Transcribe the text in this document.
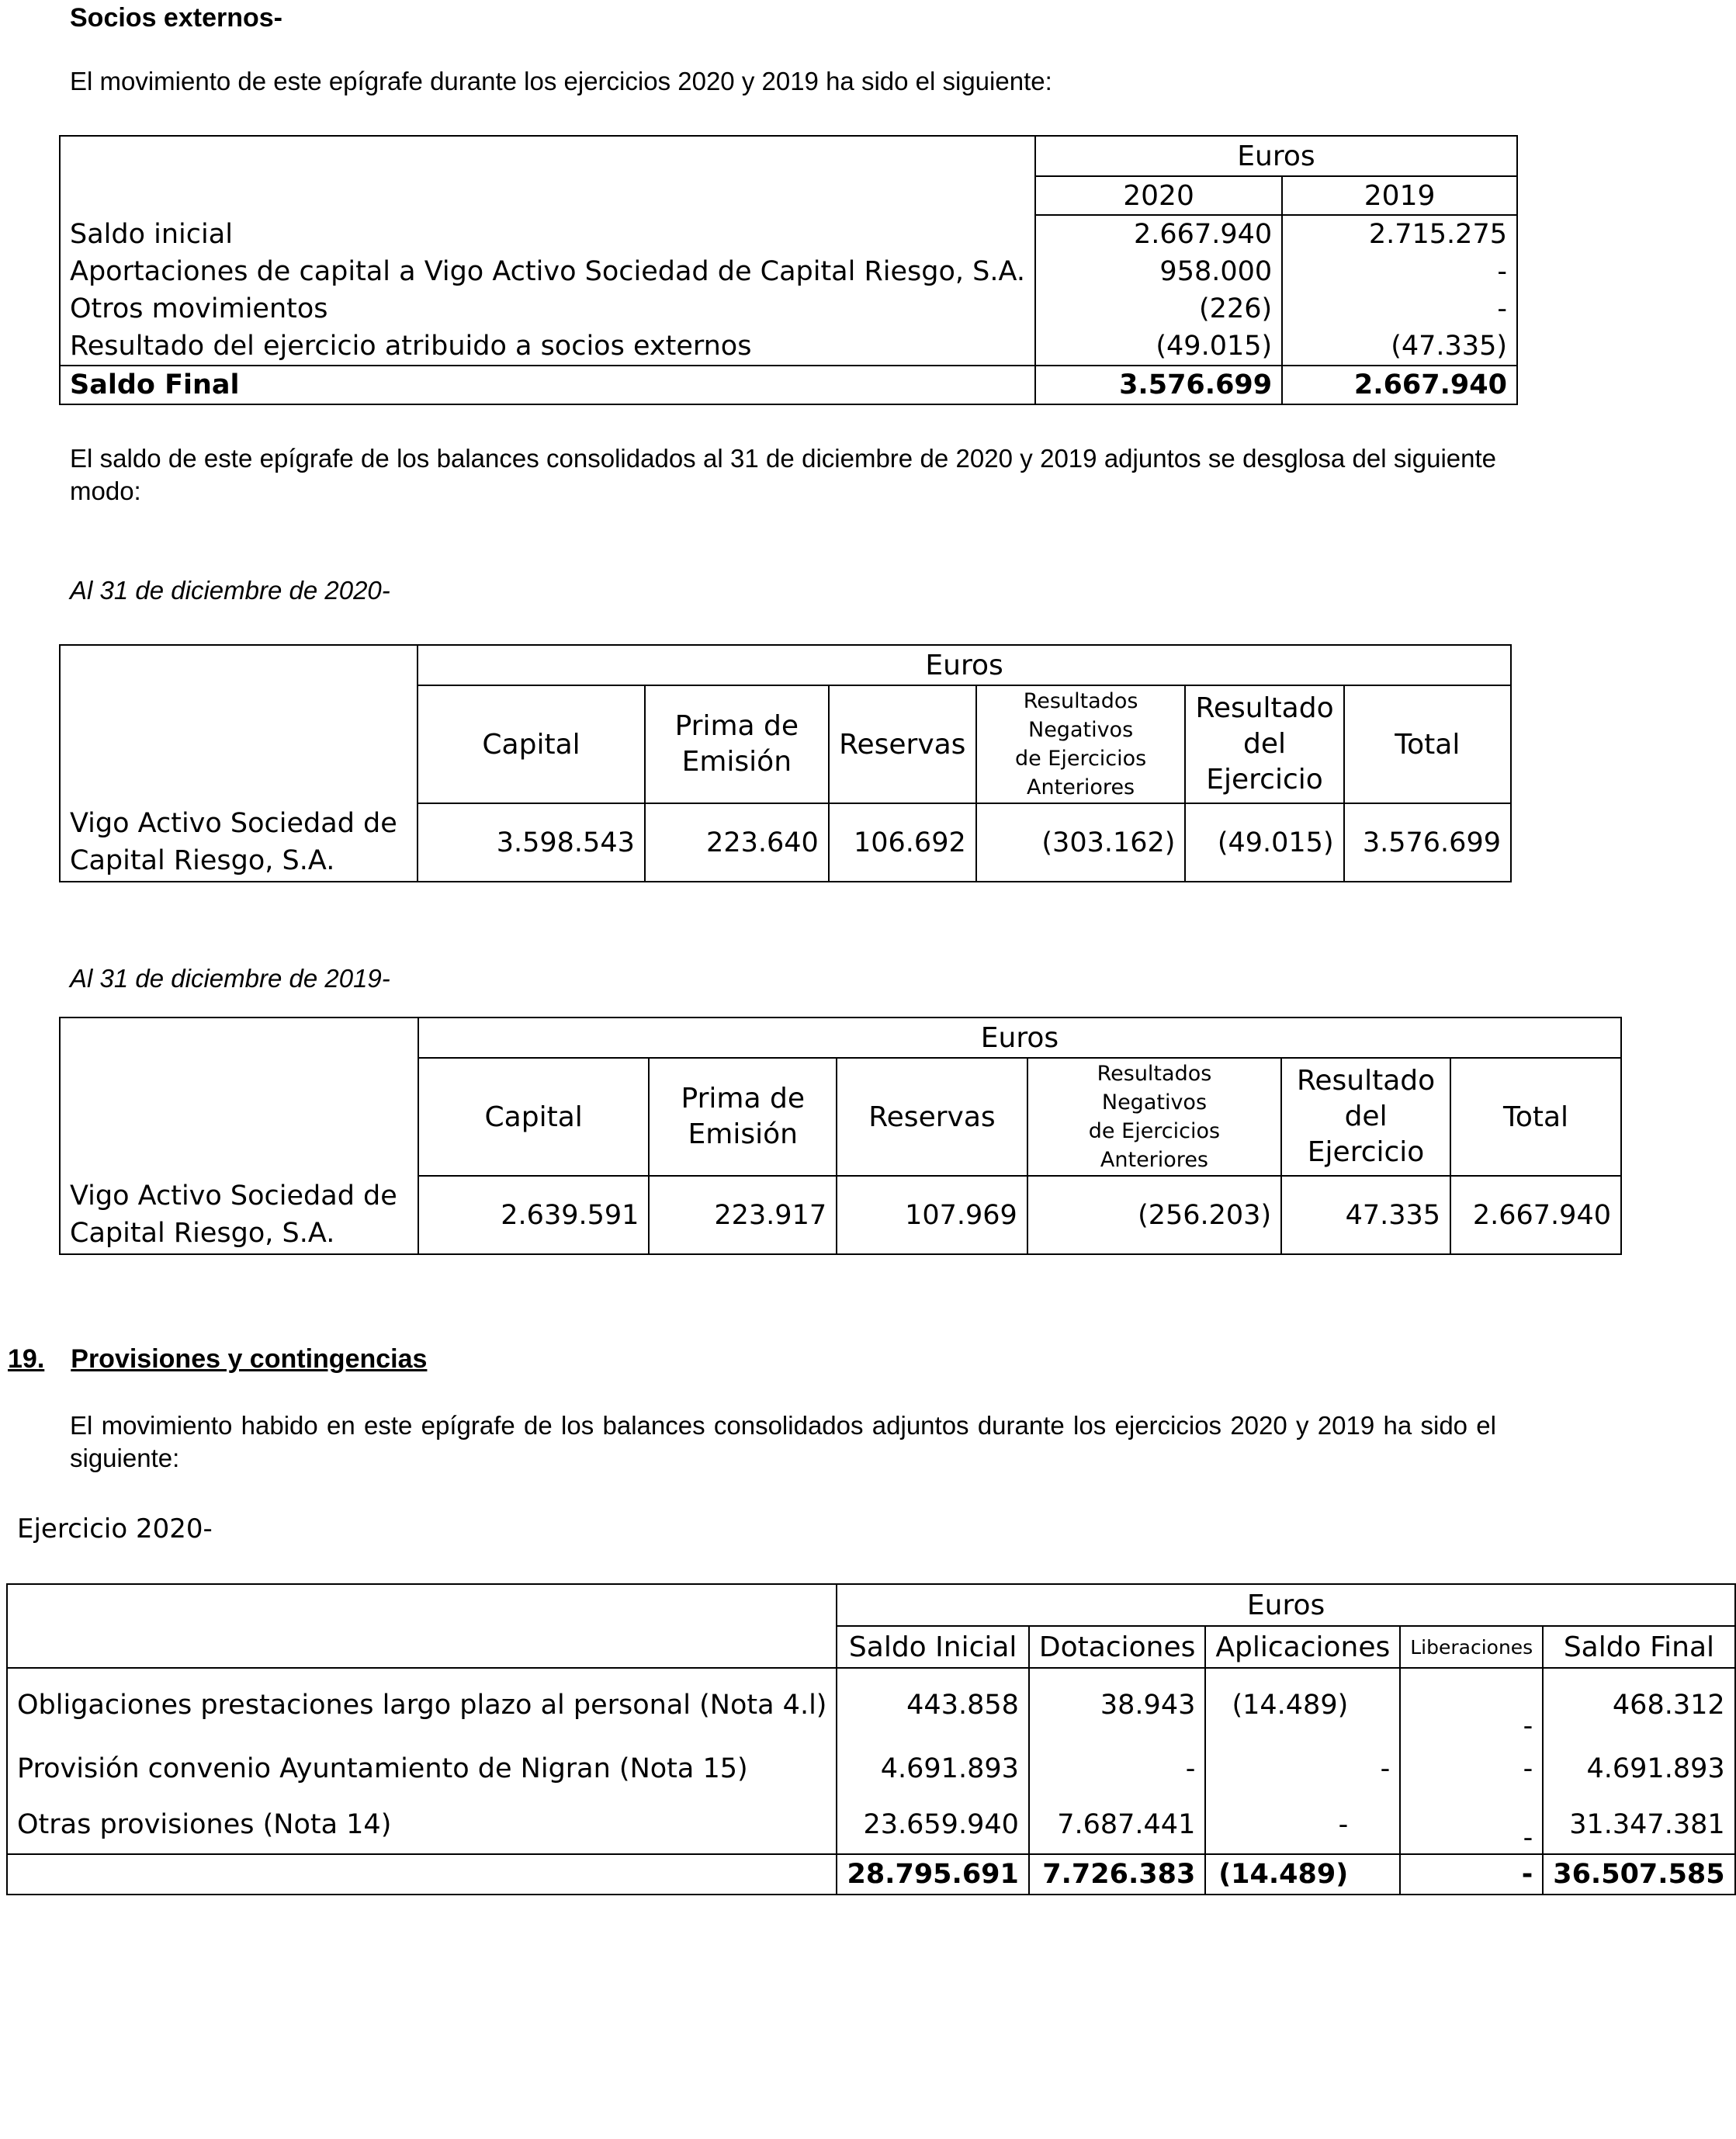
Socios externos-
El movimiento de este epígrafe durante los ejercicios 2020 y 2019 ha sido el siguiente:
	Euros	
	2020	2019
Saldo inicial	2.667.940	2.715.275
Aportaciones de capital a Vigo Activo Sociedad de Capital Riesgo, S.A.	958.000	-
Otros movimientos	(226)	-
Resultado del ejercicio atribuido a socios externos	(49.015)	(47.335)
Saldo Final	3.576.699	2.667.940
El saldo de este epígrafe de los balances consolidados al 31 de diciembre de 2020 y 2019 adjuntos se desglosa del siguiente modo:
Al 31 de diciembre de 2020-
	Euros					
	Capital	Prima de
Emisión	Reservas	Resultados
Negativos
de Ejercicios
Anteriores	Resultado
del
Ejercicio	Total
Vigo Activo Sociedad de
Capital Riesgo, S.A.	3.598.543	223.640	106.692	(303.162)	(49.015)	3.576.699
Al 31 de diciembre de 2019-
	Euros					
	Capital	Prima de
Emisión	Reservas	Resultados
Negativos
de Ejercicios
Anteriores	Resultado
del
Ejercicio	Total
Vigo Activo Sociedad de
Capital Riesgo, S.A.	2.639.591	223.917	107.969	(256.203)	47.335	2.667.940
19. Provisiones y contingencias
El movimiento habido en este epígrafe de los balances consolidados adjuntos durante los ejercicios 2020 y 2019 ha sido el siguiente:
Ejercicio 2020-
	Euros				
	Saldo Inicial	Dotaciones	Aplicaciones	Liberaciones	Saldo Final
Obligaciones prestaciones largo plazo al personal (Nota 4.l)	443.858	38.943	(14.489)	-	468.312
Provisión convenio Ayuntamiento de Nigran (Nota 15)	4.691.893	-	-	-	4.691.893
Otras provisiones (Nota 14)	23.659.940	7.687.441	-	-	31.347.381
	28.795.691	7.726.383	(14.489)	-	36.507.585
